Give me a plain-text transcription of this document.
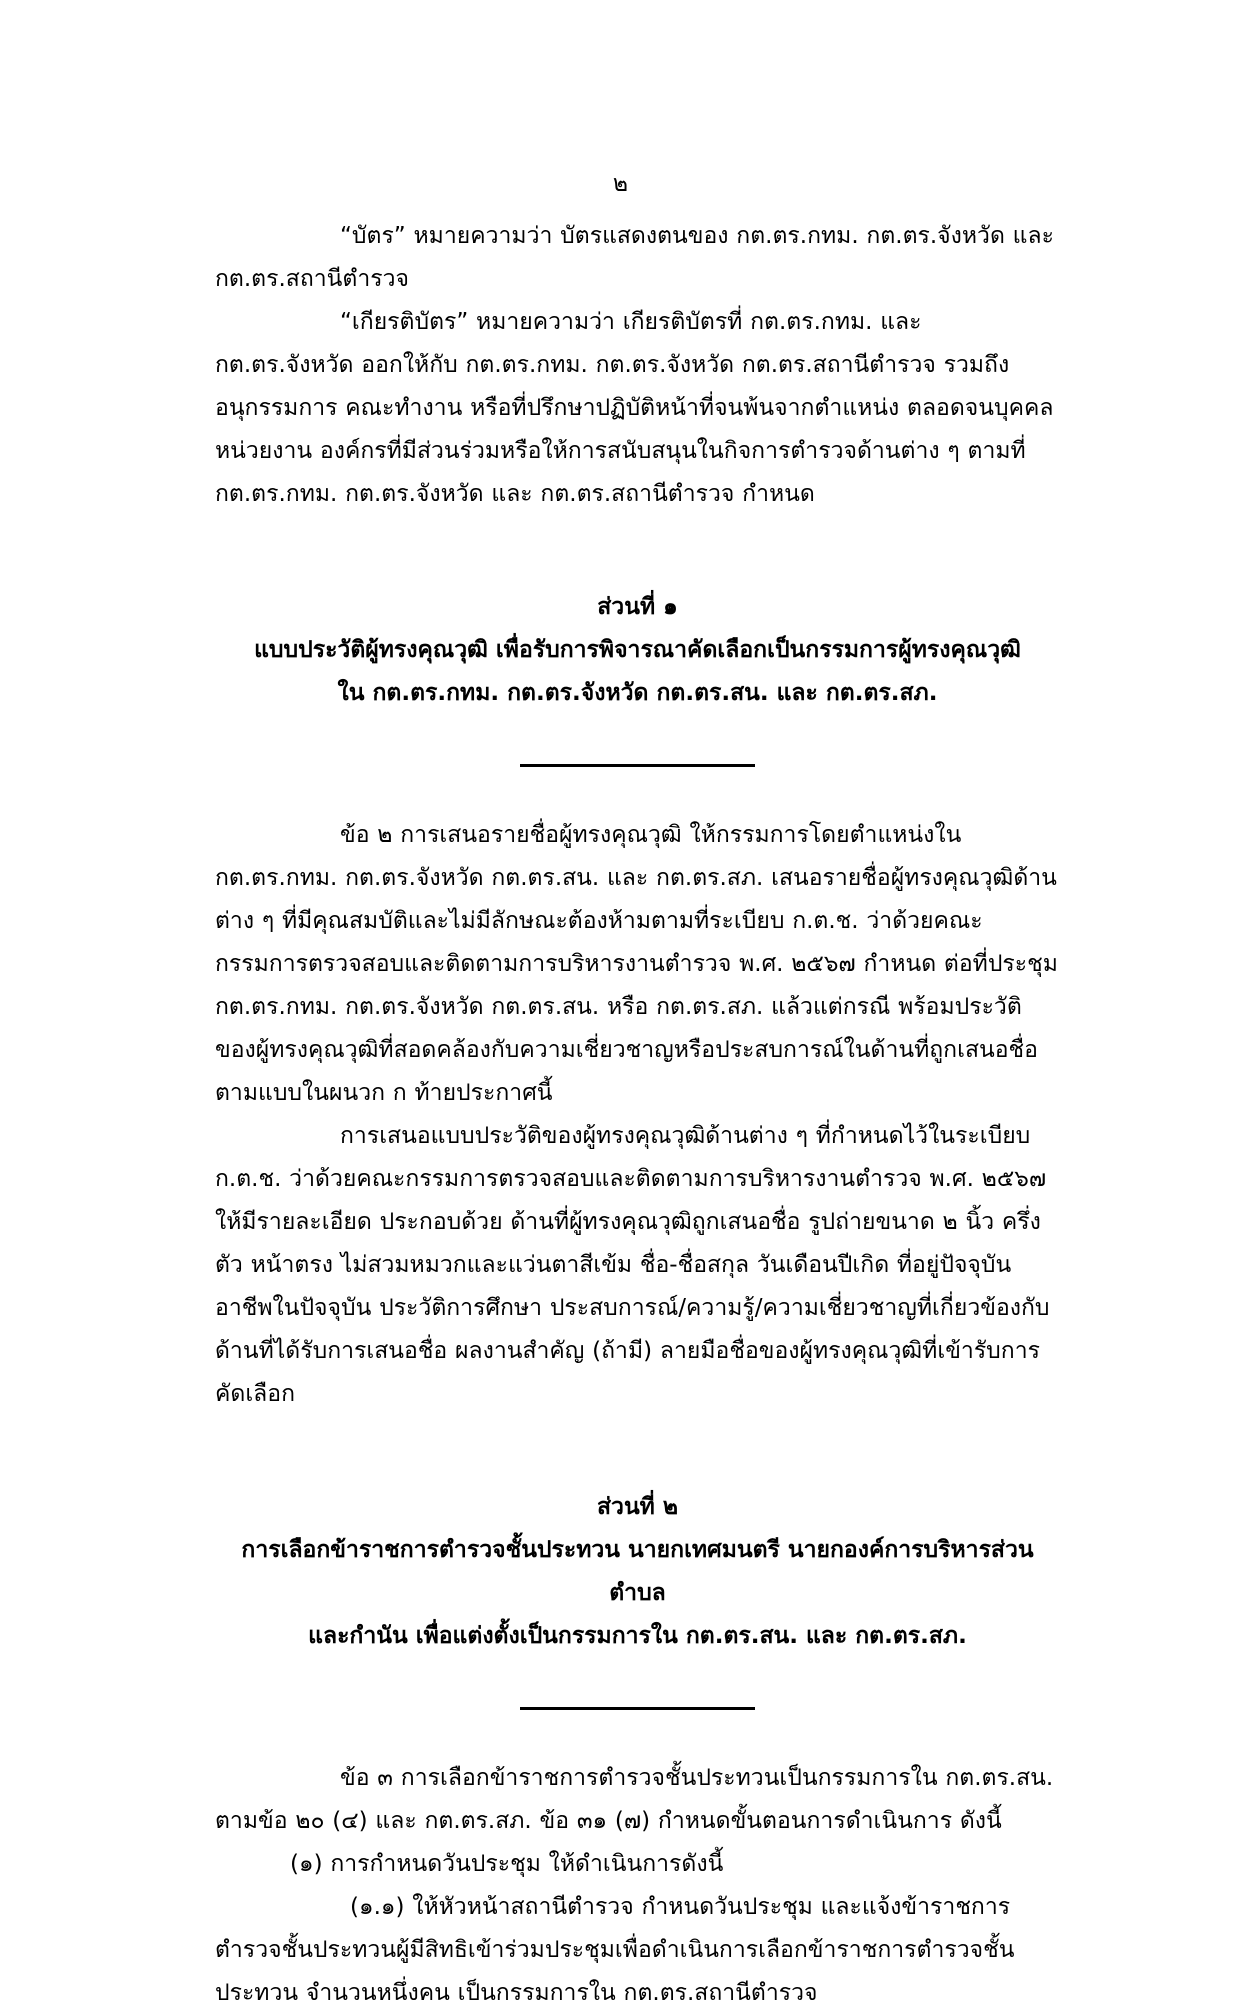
๒

“บัตร” หมายความว่า บัตรแสดงตนของ กต.ตร.กทม. กต.ตร.จังหวัด และ กต.ตร.สถานีตำรวจ

“เกียรติบัตร” หมายความว่า เกียรติบัตรที่ กต.ตร.กทม. และ กต.ตร.จังหวัด ออกให้กับ กต.ตร.กทม. กต.ตร.จังหวัด กต.ตร.สถานีตำรวจ รวมถึงอนุกรรมการ คณะทำงาน หรือที่ปรึกษาปฏิบัติหน้าที่จนพ้นจากตำแหน่ง ตลอดจนบุคคล หน่วยงาน องค์กรที่มีส่วนร่วมหรือให้การสนับสนุนในกิจการตำรวจด้านต่าง ๆ ตามที่ กต.ตร.กทม. กต.ตร.จังหวัด และ กต.ตร.สถานีตำรวจ กำหนด

ส่วนที่ ๑
แบบประวัติผู้ทรงคุณวุฒิ เพื่อรับการพิจารณาคัดเลือกเป็นกรรมการผู้ทรงคุณวุฒิ
ใน กต.ตร.กทม. กต.ตร.จังหวัด กต.ตร.สน. และ กต.ตร.สภ.

ข้อ ๒ การเสนอรายชื่อผู้ทรงคุณวุฒิ ให้กรรมการโดยตำแหน่งใน กต.ตร.กทม. กต.ตร.จังหวัด กต.ตร.สน. และ กต.ตร.สภ. เสนอรายชื่อผู้ทรงคุณวุฒิด้านต่าง ๆ ที่มีคุณสมบัติและไม่มีลักษณะต้องห้ามตามที่ระเบียบ ก.ต.ช. ว่าด้วยคณะกรรมการตรวจสอบและติดตามการบริหารงานตำรวจ พ.ศ. ๒๕๖๗ กำหนด ต่อที่ประชุม กต.ตร.กทม. กต.ตร.จังหวัด กต.ตร.สน. หรือ กต.ตร.สภ. แล้วแต่กรณี พร้อมประวัติของผู้ทรงคุณวุฒิที่สอดคล้องกับความเชี่ยวชาญหรือประสบการณ์ในด้านที่ถูกเสนอชื่อ ตามแบบในผนวก ก ท้ายประกาศนี้

การเสนอแบบประวัติของผู้ทรงคุณวุฒิด้านต่าง ๆ ที่กำหนดไว้ในระเบียบ ก.ต.ช. ว่าด้วยคณะกรรมการตรวจสอบและติดตามการบริหารงานตำรวจ พ.ศ. ๒๕๖๗ ให้มีรายละเอียด ประกอบด้วย ด้านที่ผู้ทรงคุณวุฒิถูกเสนอชื่อ รูปถ่ายขนาด ๒ นิ้ว ครึ่งตัว หน้าตรง ไม่สวมหมวกและแว่นตาสีเข้ม ชื่อ-ชื่อสกุล วันเดือนปีเกิด ที่อยู่ปัจจุบัน อาชีพในปัจจุบัน ประวัติการศึกษา ประสบการณ์/ความรู้/ความเชี่ยวชาญที่เกี่ยวข้องกับด้านที่ได้รับการเสนอชื่อ ผลงานสำคัญ (ถ้ามี) ลายมือชื่อของผู้ทรงคุณวุฒิที่เข้ารับการคัดเลือก

ส่วนที่ ๒
การเลือกข้าราชการตำรวจชั้นประทวน นายกเทศมนตรี นายกองค์การบริหารส่วนตำบล
และกำนัน เพื่อแต่งตั้งเป็นกรรมการใน กต.ตร.สน. และ กต.ตร.สภ.

ข้อ ๓ การเลือกข้าราชการตำรวจชั้นประทวนเป็นกรรมการใน กต.ตร.สน. ตามข้อ ๒๐ (๔) และ กต.ตร.สภ. ข้อ ๓๑ (๗) กำหนดขั้นตอนการดำเนินการ ดังนี้

(๑) การกำหนดวันประชุม ให้ดำเนินการดังนี้

(๑.๑) ให้หัวหน้าสถานีตำรวจ กำหนดวันประชุม และแจ้งข้าราชการตำรวจชั้นประทวนผู้มีสิทธิเข้าร่วมประชุมเพื่อดำเนินการเลือกข้าราชการตำรวจชั้นประทวน จำนวนหนึ่งคน เป็นกรรมการใน กต.ตร.สถานีตำรวจ
